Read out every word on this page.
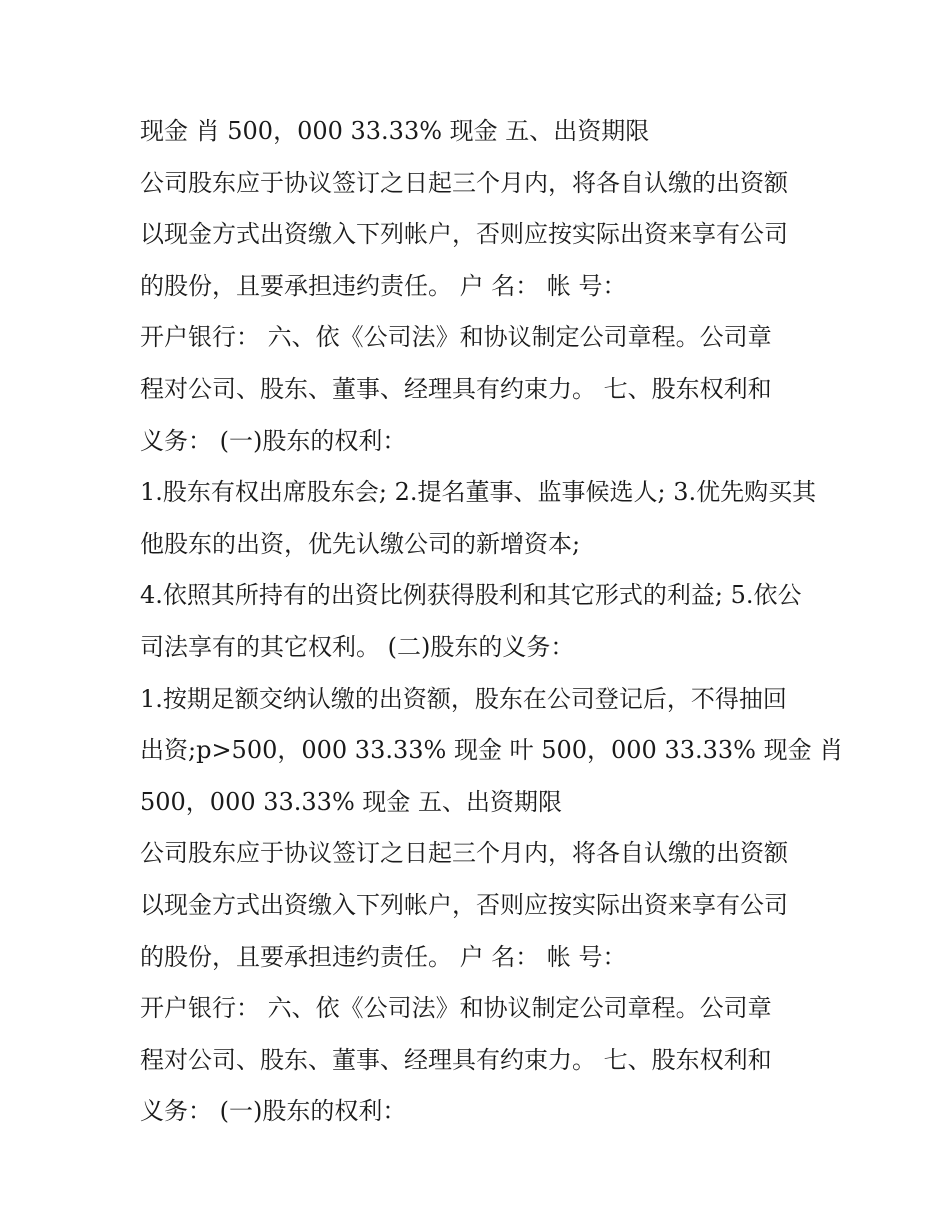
现金 肖 500，000 33.33% 现金 五、出资期限
公司股东应于协议签订之日起三个月内，将各自认缴的出资额
以现金方式出资缴入下列帐户，否则应按实际出资来享有公司
的股份，且要承担违约责任。 户 名： 帐 号：
开户银行： 六、依《公司法》和协议制定公司章程。公司章
程对公司、股东、董事、经理具有约束力。 七、股东权利和
义务： (一)股东的权利：
1.股东有权出席股东会; 2.提名董事、监事候选人; 3.优先购买其
他股东的出资，优先认缴公司的新增资本;
4.依照其所持有的出资比例获得股利和其它形式的利益; 5.依公
司法享有的其它权利。 (二)股东的义务：
1.按期足额交纳认缴的出资额，股东在公司登记后，不得抽回
出资;p>500，000 33.33% 现金 叶 500，000 33.33% 现金 肖
500，000 33.33% 现金 五、出资期限
公司股东应于协议签订之日起三个月内，将各自认缴的出资额
以现金方式出资缴入下列帐户，否则应按实际出资来享有公司
的股份，且要承担违约责任。 户 名： 帐 号：
开户银行： 六、依《公司法》和协议制定公司章程。公司章
程对公司、股东、董事、经理具有约束力。 七、股东权利和
义务： (一)股东的权利：
